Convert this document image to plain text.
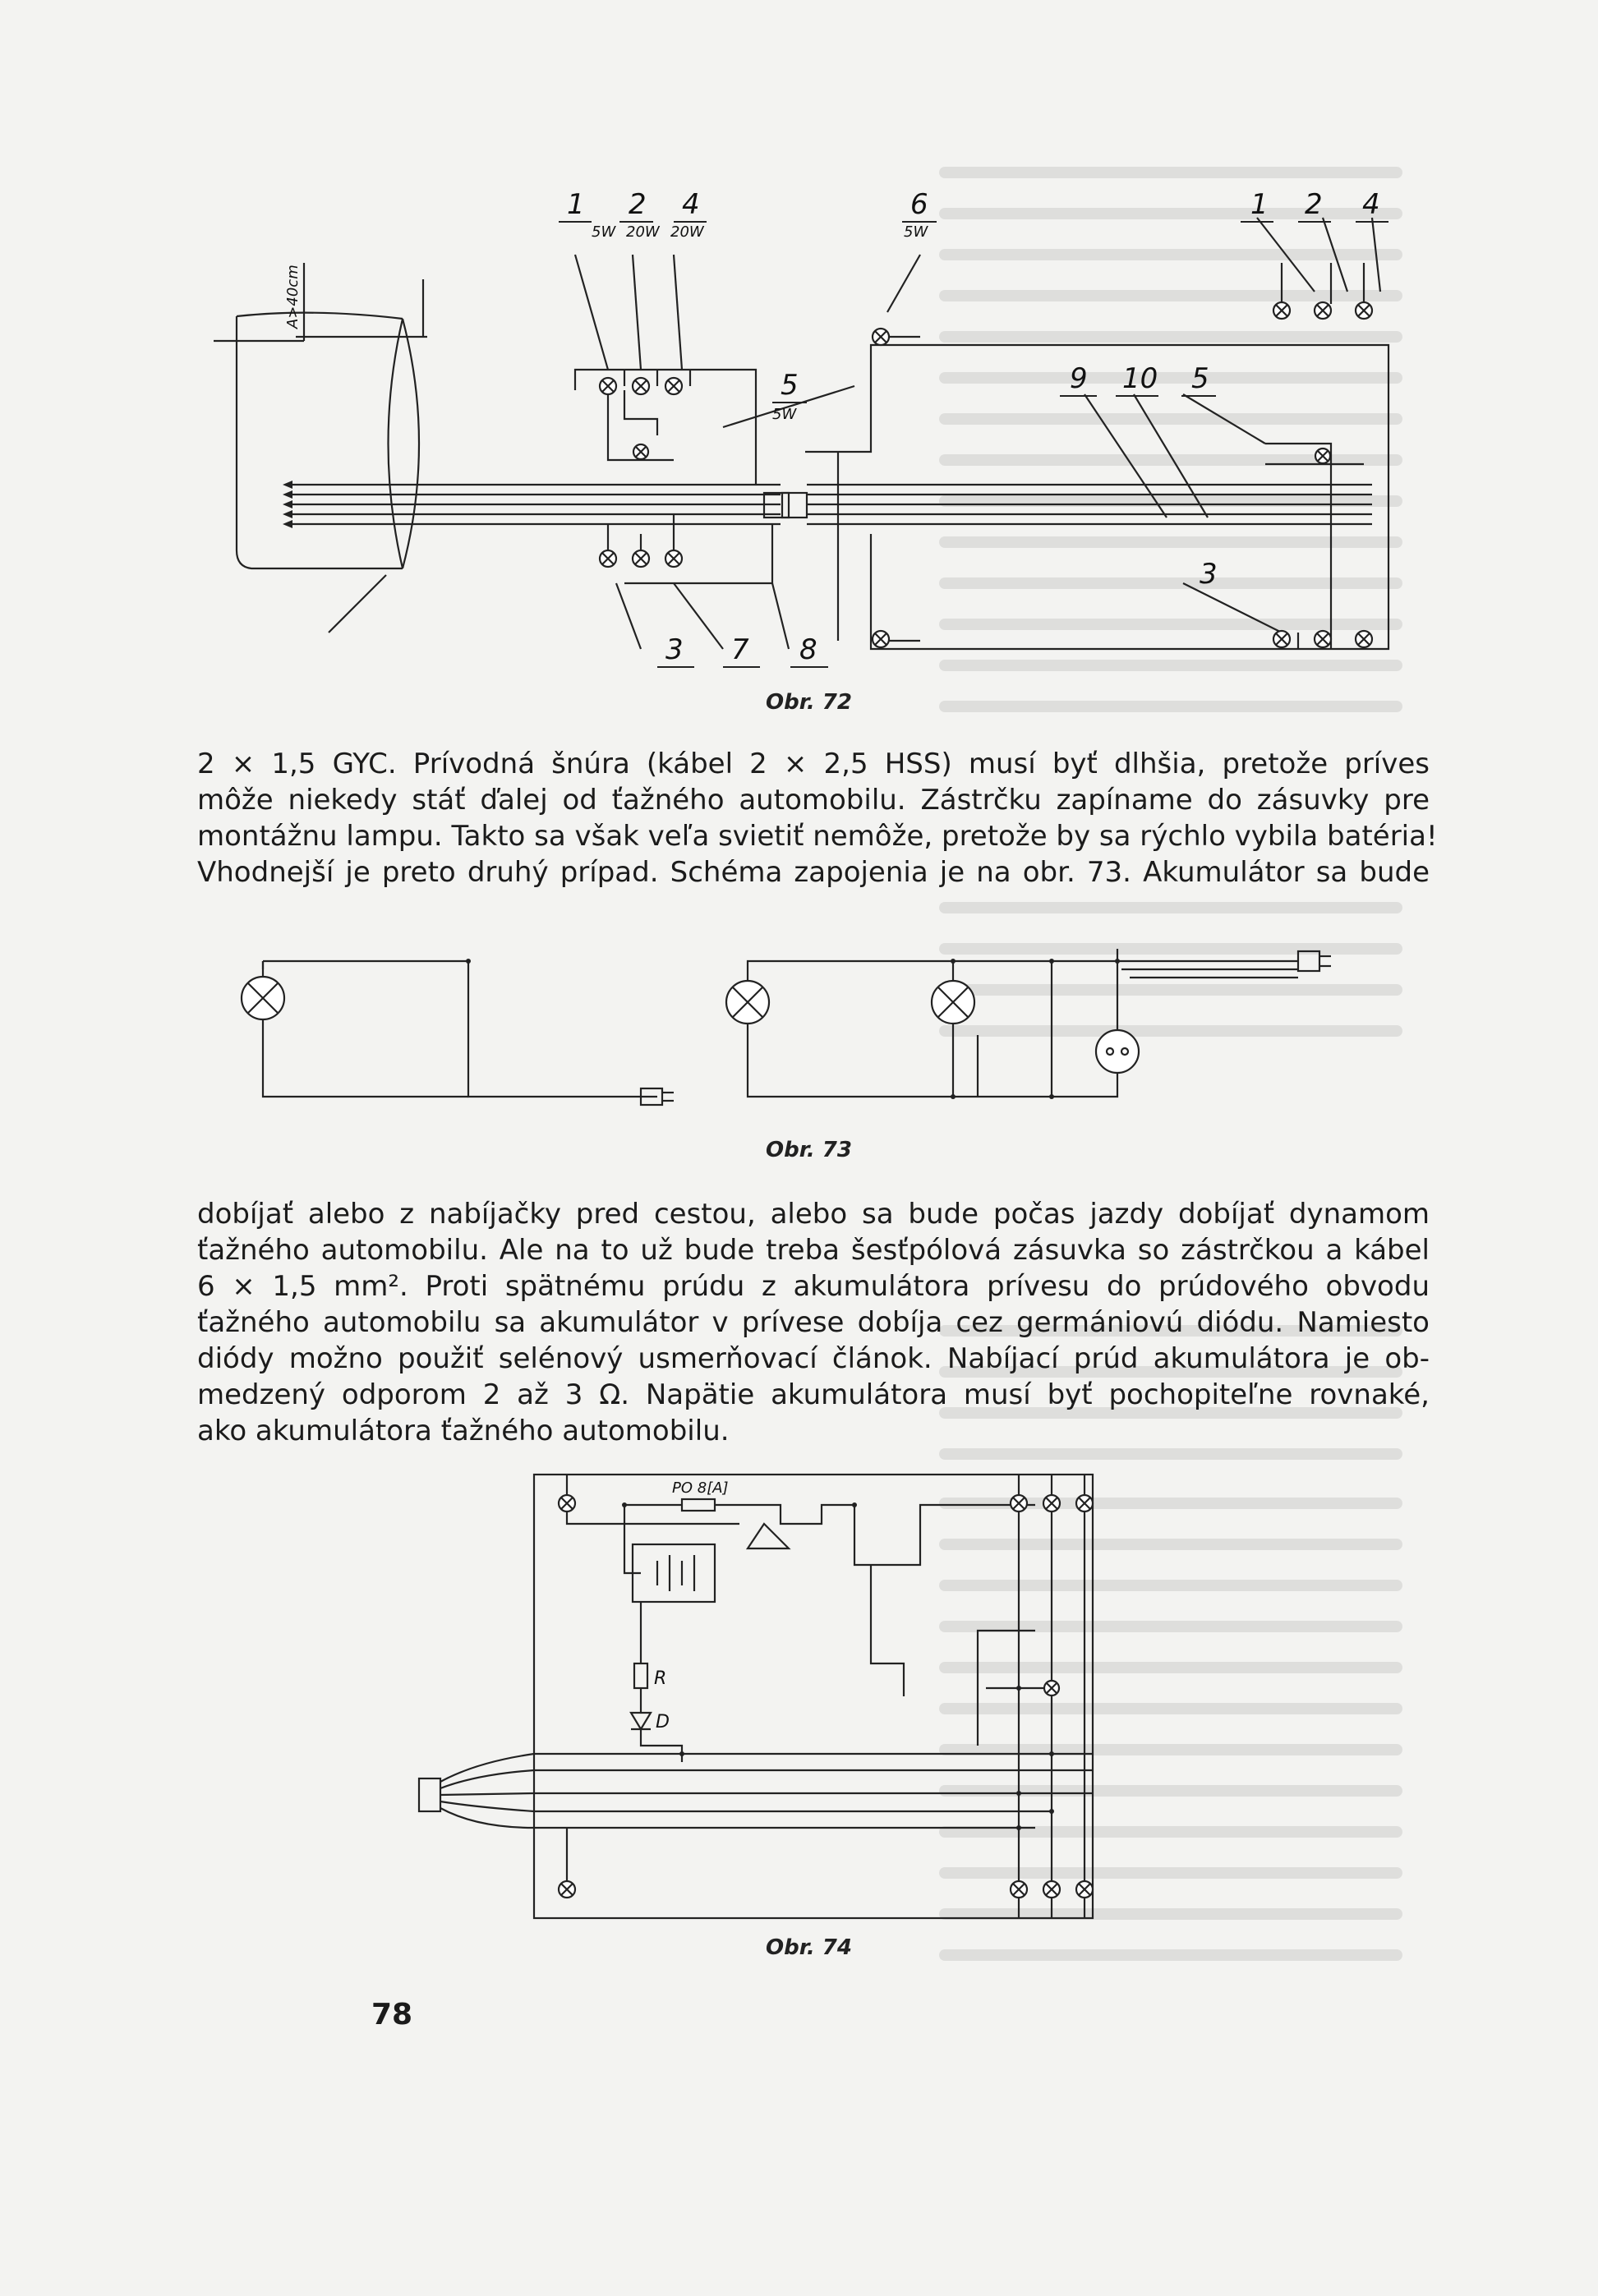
1 2 4	6	1 2 4
5W 20W 20W	5W
5
5W
9 10 5
3
3 7 8
A>40cm
Obr. 72
2 × 1,5 GYC. Prívodná šnúra (kábel 2 × 2,5 HSS) musí byť dlhšia, pretože príves
môže niekedy stáť ďalej od ťažného automobilu. Zástrčku zapíname do zásuvky pre
montážnu lampu. Takto sa však veľa svietiť nemôže, pretože by sa rýchlo vybila batéria!
Vhodnejší je preto druhý prípad. Schéma zapojenia je na obr. 73. Akumulátor sa bude
Obr. 73
dobíjať alebo z nabíjačky pred cestou, alebo sa bude počas jazdy dobíjať dynamom
ťažného automobilu. Ale na to už bude treba šesťpólová zásuvka so zástrčkou a kábel
6 × 1,5 mm². Proti spätnému prúdu z akumulátora prívesu do prúdového obvodu
ťažného automobilu sa akumulátor v prívese dobíja cez germániovú diódu. Namiesto
diódy možno použiť selénový usmerňovací článok. Nabíjací prúd akumulátora je ob-
medzený odporom 2 až 3 Ω. Napätie akumulátora musí byť pochopiteľne rovnaké,
ako akumulátora ťažného automobilu.
PO 8[A]
R
D
Obr. 74
78
